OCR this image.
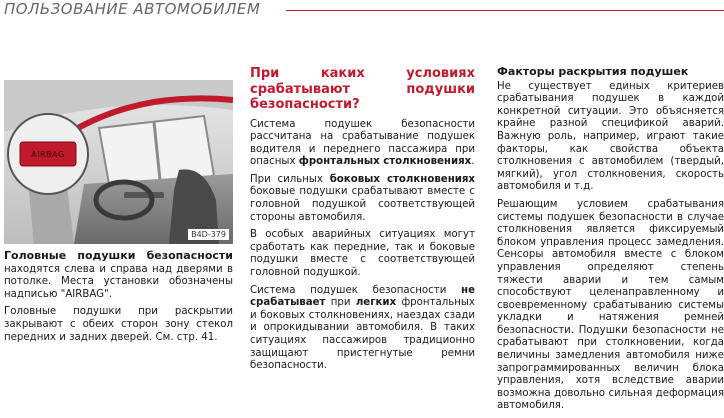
ПОЛЬЗОВАНИЕ АВТОМОБИЛЕМ
AIRBAG
B4D-379

Головные подушки безопасности находятся слева и справа над дверями в потолке. Места установки обозначены надписью "AIRBAG".

Головные подушки при раскрытии закрывают с обеих сторон зону стекол передних и задних дверей. См. стр. 41.

При каких условиях срабатывают подушки безопасности?

Система подушек безопасности рассчитана на срабатывание подушек водителя и переднего пассажира при опасных фронтальных столкновениях.

При сильных боковых столкновениях боковые подушки срабатывают вместе с головной подушкой соответствующей стороны автомобиля.

В особых аварийных ситуациях могут сработать как передние, так и боковые подушки вместе с соответствующей головной подушкой.

Система подушек безопасности не срабатывает при легких фронтальных и боковых столкновениях, наездах сзади и опрокидывании автомобиля. В таких ситуациях пассажиров традиционно защищают пристегнутые ремни безопасности.

Факторы раскрытия подушек

Не существует единых критериев срабатывания подушек в каждой конкретной ситуации. Это объясняется крайне разной спецификой аварий. Важную роль, например, играют такие факторы, как свойства объекта столкновения с автомобилем (твердый, мягкий), угол столкновения, скорость автомобиля и т.д.

Решающим условием срабатывания системы подушек безопасности в случае столкновения является фиксируемый блоком управления процесс замедления. Сенсоры автомобиля вместе с блоком управления определяют степень тяжести аварии и тем самым способствуют целенаправленному и своевременному срабатыванию системы укладки и натяжения ремней безопасности. Подушки безопасности не срабатывают при столкновении, когда величины замедления автомобиля ниже запрограммированных величин блока управления, хотя вследствие аварии возможна довольно сильная деформация автомобиля.
